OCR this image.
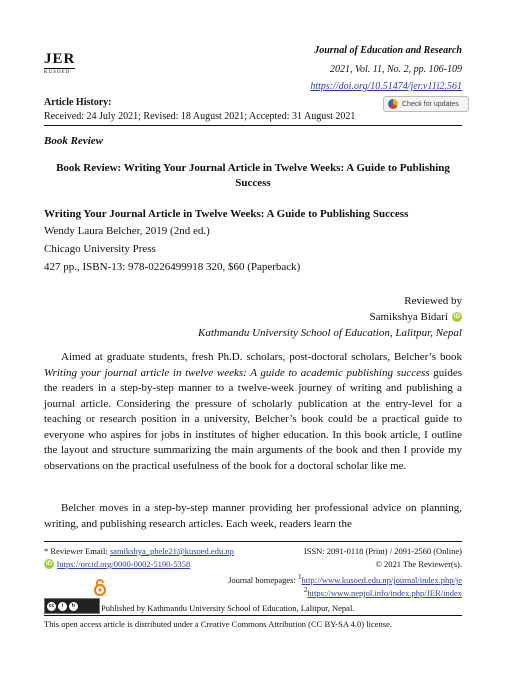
JER
KUSOED
Journal of Education and Research
2021, Vol. 11, No. 2, pp. 106-109
https://doi.org/10.51474/jer.v11i2.561
Check for updates
Article History:
Received: 24 July 2021; Revised: 18 August 2021; Accepted: 31 August 2021
Book Review
Book Review: Writing Your Journal Article in Twelve Weeks: A Guide to Publishing Success
Writing Your Journal Article in Twelve Weeks: A Guide to Publishing Success
Wendy Laura Belcher, 2019 (2nd ed.)
Chicago University Press
427 pp., ISBN-13: 978-0226499918 320, $60 (Paperback)
Reviewed by
Samikshya Bidari	iD
Kathmandu University School of Education, Lalitpur, Nepal

Aimed at graduate students, fresh Ph.D. scholars, post-doctoral scholars, Belcher’s book Writing your journal article in twelve weeks: A guide to academic publishing success guides the readers in a step-by-step manner to a twelve-week journey of writing and publishing a journal article. Considering the pressure of scholarly publication at the entry-level for a teaching or research position in a university, Belcher’s book could be a practical guide to everyone who aspires for jobs in institutes of higher education. In this book article, I outline the layout and structure summarizing the main arguments of the book and then I provide my observations on the practical usefulness of the book for a doctoral scholar like me.

Belcher moves in a step-by-step manner providing her professional advice on planning, writing, and publishing research articles. Each week, readers learn the

* Reviewer Email: samikshya_phele21@kusoed.edu.np	ISSN: 2091-0118 (Print) / 2091-2560 (Online)
iD https://orcid.org/0000-0002-5190-5358	© 2021 The Reviewer(s).
Journal homepages: $^1$http://www.kusoed.edu.np/journal/index.php/je
$^2$https://www.nepjol.info/index.php/JER/index
cc	i	↻	Published by Kathmandu University School of Education, Lalitpur, Nepal.
This open access article is distributed under a Creative Commons Attribution (CC BY-SA 4.0) license.
